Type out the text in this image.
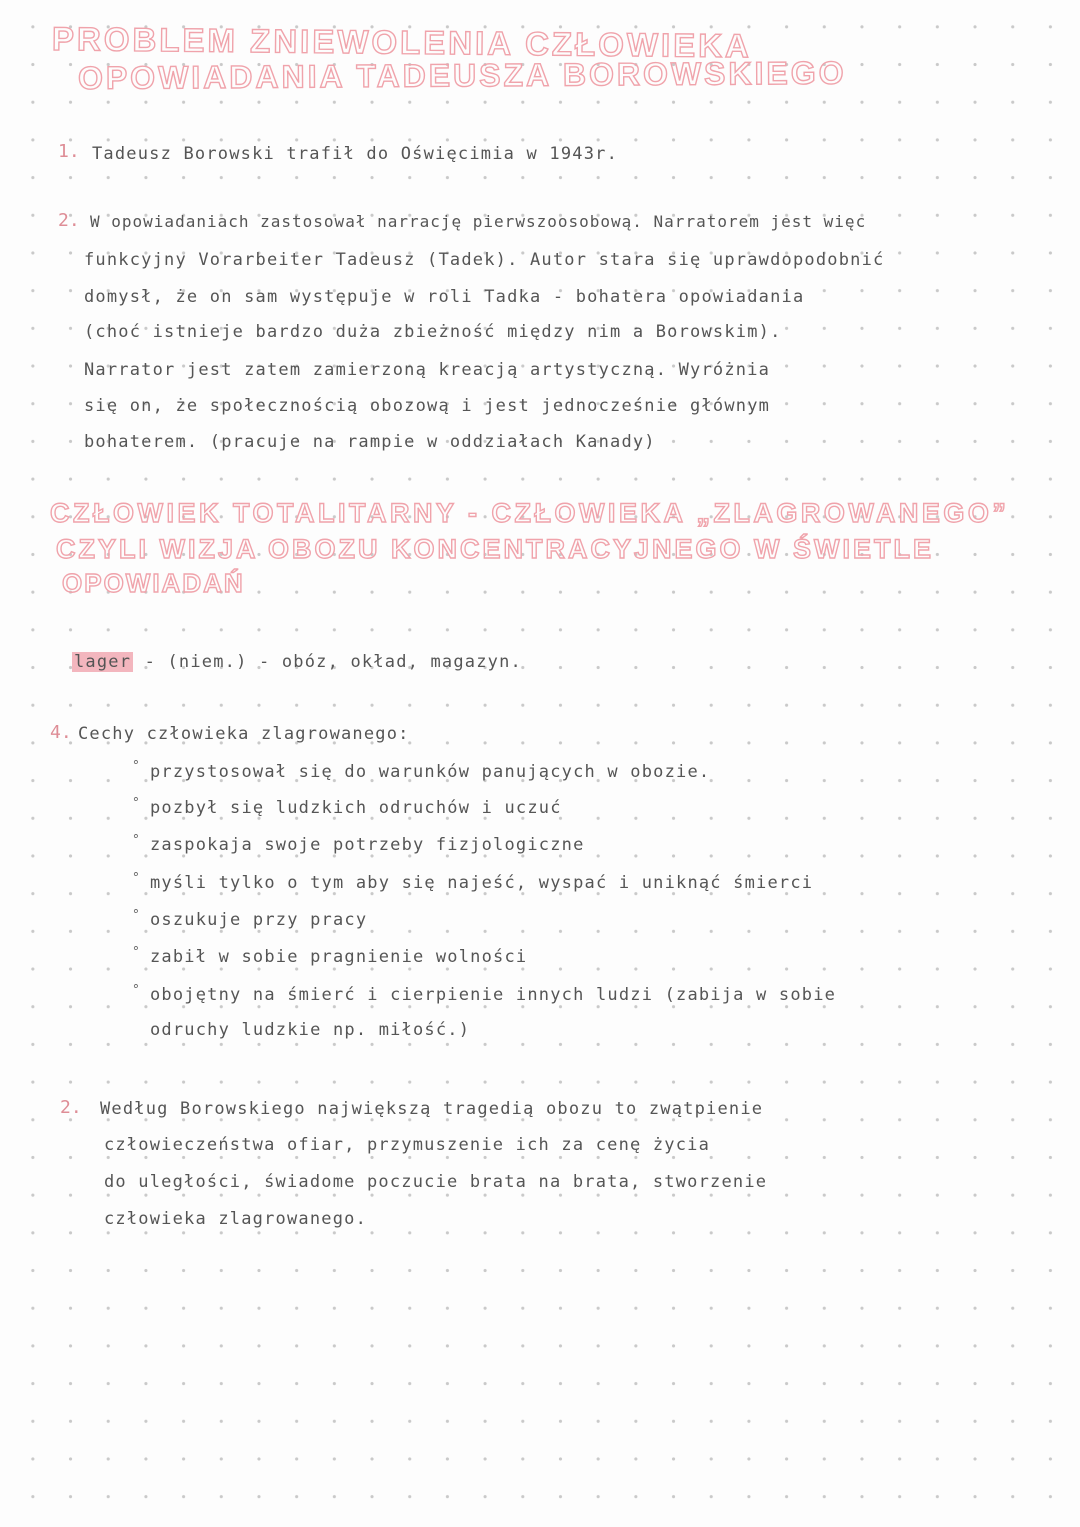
PROBLEM ZNIEWOLENIA CZŁOWIEKA
OPOWIADANIA TADEUSZA BOROWSKIEGO
1. Tadeusz Borowski trafił do Oświęcimia w 1943r.
2. W opowiadaniach zastosował narrację pierwszoosobową. Narratorem jest więc
funkcyjny Vorarbeiter Tadeusz (Tadek). Autor stara się uprawdopodobnić
domysł, że on sam występuje w roli Tadka - bohatera opowiadania
(choć istnieje bardzo duża zbieżność między nim a Borowskim).
Narrator jest zatem zamierzoną kreacją artystyczną. Wyróżnia
się on, że społecznością obozową i jest jednocześnie głównym
bohaterem. (pracuje na rampie w oddziałach Kanady)
CZŁOWIEK TOTALITARNY - CZŁOWIEKA „ZLAGROWANEGO”
CZYLI WIZJA OBOZU KONCENTRACYJNEGO W ŚWIETLE
OPOWIADAŃ
lager - (niem.) - obóz, okład, magazyn.
4. Cechy człowieka zlagrowanego:
° przystosował się do warunków panujących w obozie.
° pozbył się ludzkich odruchów i uczuć
° zaspokaja swoje potrzeby fizjologiczne
° myśli tylko o tym aby się najeść, wyspać i uniknąć śmierci
° oszukuje przy pracy
° zabił w sobie pragnienie wolności
° obojętny na śmierć i cierpienie innych ludzi (zabija w sobie
odruchy ludzkie np. miłość.)
2. Według Borowskiego największą tragedią obozu to zwątpienie
człowieczeństwa ofiar, przymuszenie ich za cenę życia
do uległości, świadome poczucie brata na brata, stworzenie
człowieka zlagrowanego.
